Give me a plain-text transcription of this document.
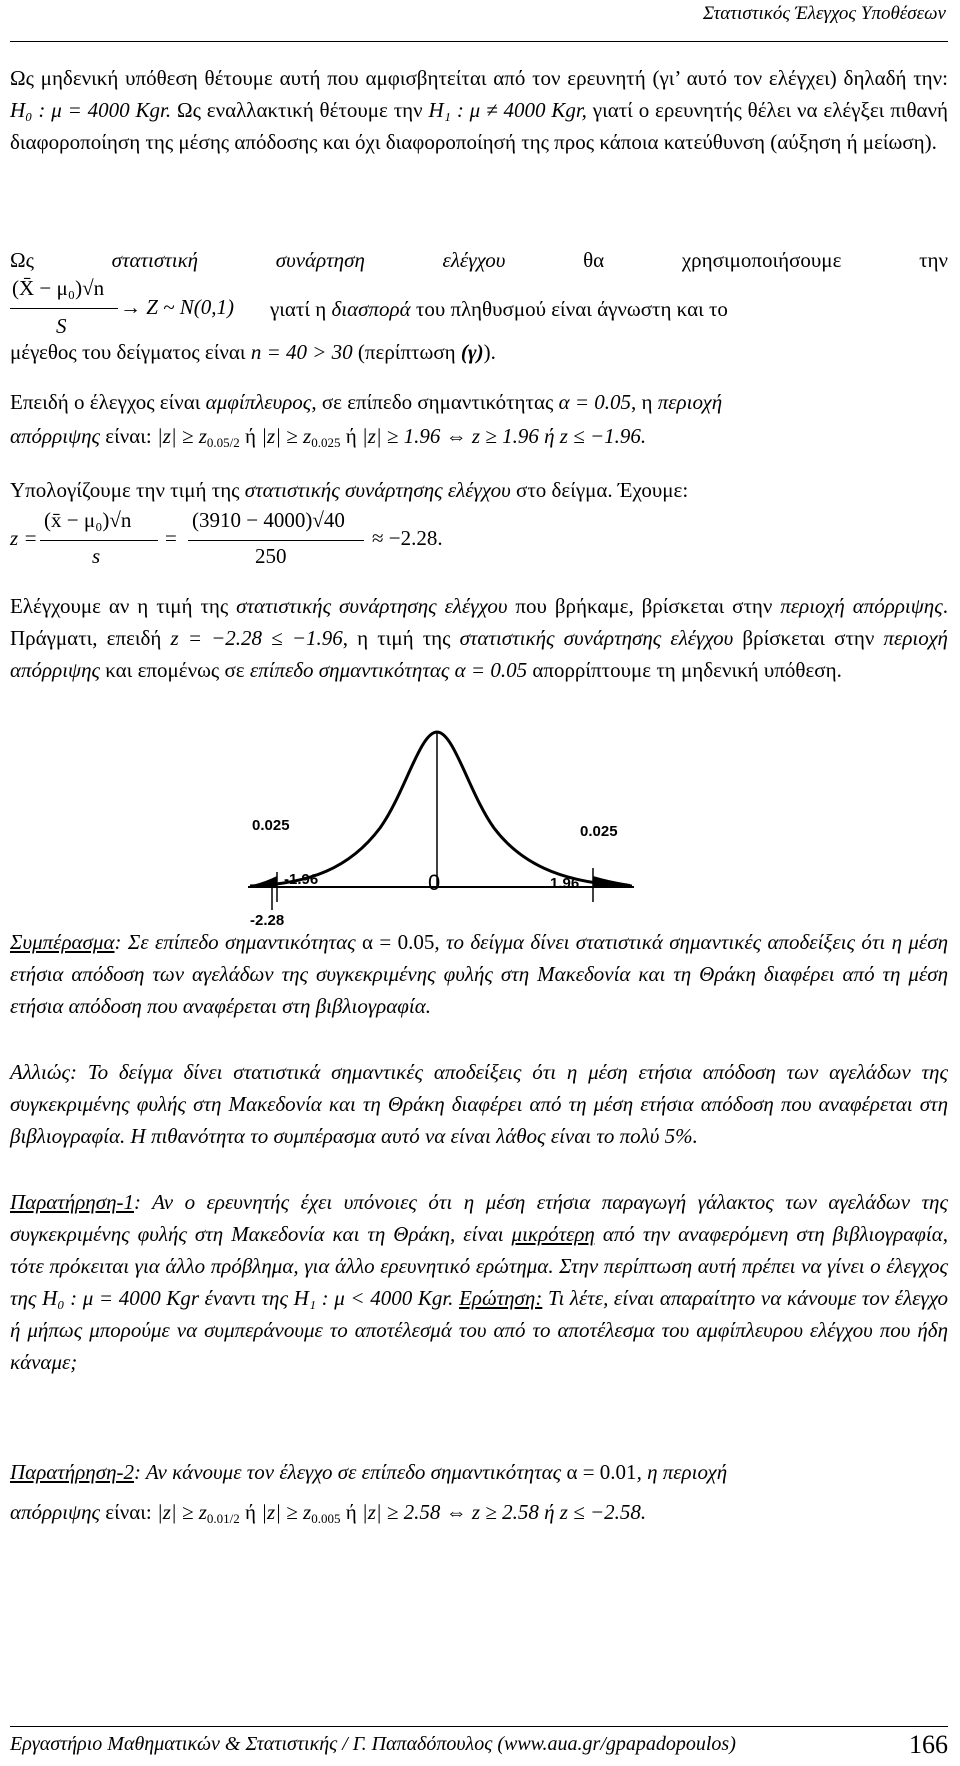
Στατιστικός Έλεγχος Υποθέσεων
Ως μηδενική υπόθεση θέτουμε αυτή που αμφισβητείται από τον ερευνητή (γι’ αυτό τον ελέγχει) δηλαδή την: H₀ : μ = 4000 Kgr. Ως εναλλακτική θέτουμε την H₁ : μ ≠ 4000 Kgr, γιατί ο ερευνητής θέλει να ελέγξει πιθανή διαφοροποίηση της μέσης απόδοσης και όχι διαφοροποίησή της προς κάποια κατεύθυνση (αύξηση ή μείωση).
Ως στατιστική συνάρτηση ελέγχου θα χρησιμοποιήσουμε την
(X̄ − μ₀)√n
S
→ Z ~ N(0,1) γιατί η διασπορά του πληθυσμού είναι άγνωστη και το
μέγεθος του δείγματος είναι n = 40 > 30 (περίπτωση (γ)).
Επειδή ο έλεγχος είναι αμφίπλευρος, σε επίπεδο σημαντικότητας α = 0.05, η περιοχή
απόρριψης είναι: $|z| \ge z_{0.05/2}$ ή $|z| \ge z_{0.025}$ ή |z| ≥ 1.96 ⇔ z ≥ 1.96 ή z ≤ −1.96.
Υπολογίζουμε την τιμή της στατιστικής συνάρτησης ελέγχου στο δείγμα. Έχουμε:
z =
(x̄ − μ₀)√n
s
=
(3910 − 4000)√40
250
≈ −2.28.
Ελέγχουμε αν η τιμή της στατιστικής συνάρτησης ελέγχου που βρήκαμε, βρίσκεται στην περιοχή απόρριψης. Πράγματι, επειδή z = −2.28 ≤ −1.96, η τιμή της στατιστικής συνάρτησης ελέγχου βρίσκεται στην περιοχή απόρριψης και επομένως σε επίπεδο σημαντικότητας α = 0.05 απορρίπτουμε τη μηδενική υπόθεση.
0.025	0.025
-1.96	1.96
0
-2.28
Συμπέρασμα: Σε επίπεδο σημαντικότητας α = 0.05, το δείγμα δίνει στατιστικά σημαντικές αποδείξεις ότι η μέση ετήσια απόδοση των αγελάδων της συγκεκριμένης φυλής στη Μακεδονία και τη Θράκη διαφέρει από τη μέση ετήσια απόδοση που αναφέρεται στη βιβλιογραφία.
Αλλιώς: Το δείγμα δίνει στατιστικά σημαντικές αποδείξεις ότι η μέση ετήσια απόδοση των αγελάδων της συγκεκριμένης φυλής στη Μακεδονία και τη Θράκη διαφέρει από τη μέση ετήσια απόδοση που αναφέρεται στη βιβλιογραφία. Η πιθανότητα το συμπέρασμα αυτό να είναι λάθος είναι το πολύ 5%.
Παρατήρηση-1: Αν ο ερευνητής έχει υπόνοιες ότι η μέση ετήσια παραγωγή γάλακτος των αγελάδων της συγκεκριμένης φυλής στη Μακεδονία και τη Θράκη, είναι μικρότερη από την αναφερόμενη στη βιβλιογραφία, τότε πρόκειται για άλλο πρόβλημα, για άλλο ερευνητικό ερώτημα. Στην περίπτωση αυτή πρέπει να γίνει ο έλεγχος της H₀ : μ = 4000 Kgr έναντι της H₁ : μ < 4000 Kgr. Ερώτηση: Τι λέτε, είναι απαραίτητο να κάνουμε τον έλεγχο ή μήπως μπορούμε να συμπεράνουμε το αποτέλεσμά του από το αποτέλεσμα του αμφίπλευρου ελέγχου που ήδη κάναμε;
Παρατήρηση-2: Αν κάνουμε τον έλεγχο σε επίπεδο σημαντικότητας α = 0.01, η περιοχή
απόρριψης είναι: $|z| \ge z_{0.01/2}$ ή $|z| \ge z_{0.005}$ ή |z| ≥ 2.58 ⇔ z ≥ 2.58 ή z ≤ −2.58.
Εργαστήριο Μαθηματικών & Στατιστικής / Γ. Παπαδόπουλος (www.aua.gr/gpapadopoulos)	166
